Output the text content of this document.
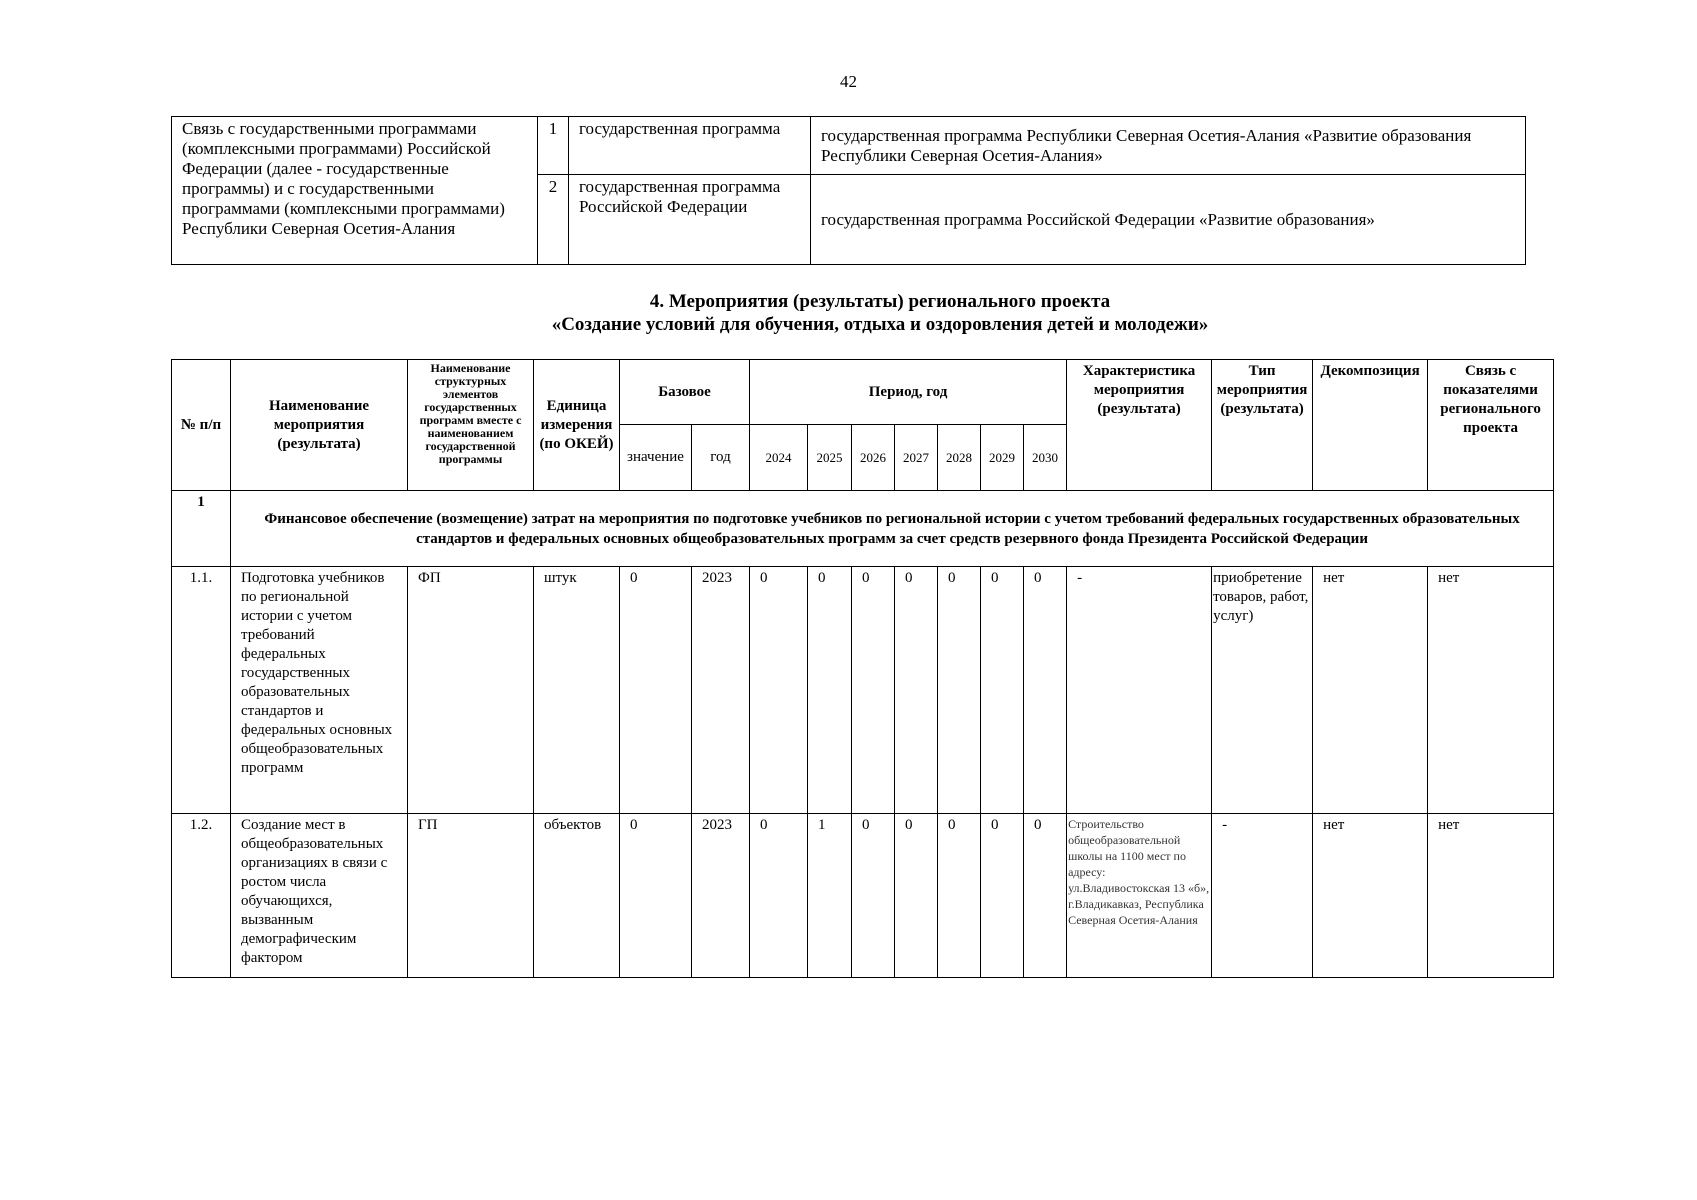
42
Связь с государственными программами (комплексными программами) Российской Федерации (далее - государственные программы) и с государственными программами (комплексными программами) Республики Северная Осетия-Алания	1	государственная программа	государственная программа Республики Северная Осетия-Алания «Развитие образования Республики Северная Осетия-Алания»
	2	государственная программа Российской Федерации	государственная программа Российской Федерации «Развитие образования»
4. Мероприятия (результаты) регионального проекта
«Создание условий для обучения, отдыха и оздоровления детей и молодежи»
№ п/п	Наименование мероприятия (результата)	Наименование структурных элементов государственных программ вместе с наименованием государственной программы	Единица измерения (по ОКЕЙ)	Базовое		Период, год							Характеристика мероприятия (результата)	Тип мероприятия (результата)	Декомпозиция	Связь с показателями регионального проекта
				значение	год	2024	2025	2026	2027	2028	2029	2030				
1	Финансовое обеспечение (возмещение) затрат на мероприятия по подготовке учебников по региональной истории с учетом требований федеральных государственных образовательных стандартов и федеральных основных общеобразовательных программ за счет средств резервного фонда Президента Российской Федерации															
1.1.	Подготовка учебников по региональной истории с учетом требований федеральных государственных образовательных стандартов и федеральных основных общеобразовательных программ	ФП	штук	0	2023	0	0	0	0	0	0	0	-	приобретение товаров, работ, услуг)	нет	нет
1.2.	Создание мест в общеобразовательных организациях в связи с ростом числа обучающихся, вызванным демографическим фактором	ГП	объектов	0	2023	0	1	0	0	0	0	0	Строительство общеобразовательной школы на 1100 мест по адресу: ул.Владивостокская 13 «б», г.Владикавказ, Республика Северная Осетия-Алания	-	нет	нет
